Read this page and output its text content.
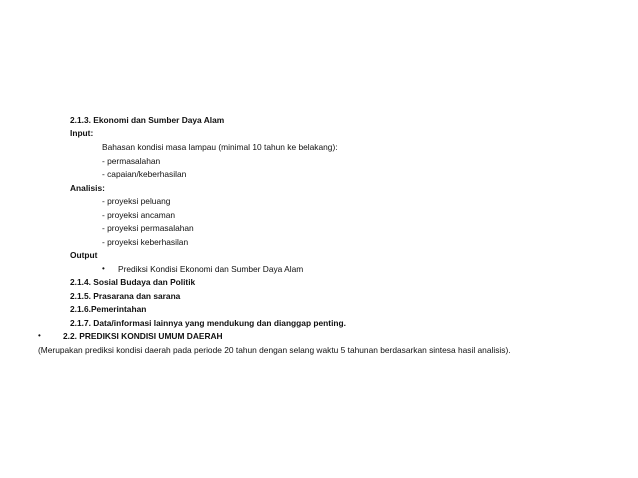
2.1.3. Ekonomi dan Sumber Daya Alam
Input:
Bahasan kondisi masa lampau (minimal 10 tahun ke belakang):
- permasalahan
- capaian/keberhasilan
Analisis:
- proyeksi peluang
- proyeksi ancaman
- proyeksi permasalahan
- proyeksi keberhasilan
Output
• Prediksi Kondisi Ekonomi dan Sumber Daya Alam
2.1.4. Sosial Budaya dan Politik
2.1.5. Prasarana dan sarana
2.1.6.Pemerintahan
2.1.7. Data/informasi lainnya yang mendukung dan dianggap penting.
•	2.2. PREDIKSI KONDISI UMUM DAERAH
(Merupakan prediksi kondisi daerah pada periode 20 tahun dengan selang waktu 5 tahunan berdasarkan sintesa hasil analisis).
